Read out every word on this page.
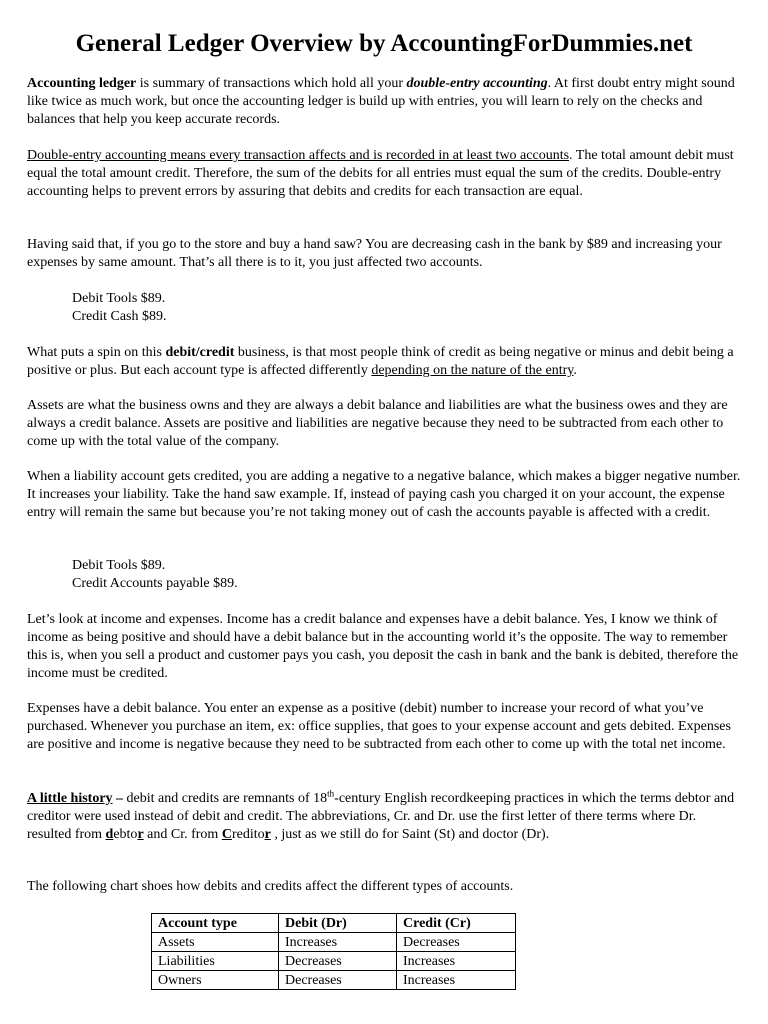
General Ledger Overview by AccountingForDummies.net

Accounting ledger is summary of transactions which hold all your double-entry accounting. At first doubt entry might sound like twice as much work, but once the accounting ledger is build up with entries, you will learn to rely on the checks and balances that help you keep accurate records.

Double-entry accounting means every transaction affects and is recorded in at least two accounts. The total amount debit must equal the total amount credit. Therefore, the sum of the debits for all entries must equal the sum of the credits. Double-entry accounting helps to prevent errors by assuring that debits and credits for each transaction are equal.

Having said that, if you go to the store and buy a hand saw? You are decreasing cash in the bank by $89 and increasing your expenses by same amount. That’s all there is to it, you just affected two accounts.

Debit Tools $89.

Credit Cash $89.

What puts a spin on this debit/credit business, is that most people think of credit as being negative or minus and debit being a positive or plus. But each account type is affected differently depending on the nature of the entry.

Assets are what the business owns and they are always a debit balance and liabilities are what the business owes and they are always a credit balance. Assets are positive and liabilities are negative because they need to be subtracted from each other to come up with the total value of the company.

When a liability account gets credited, you are adding a negative to a negative balance, which makes a bigger negative number. It increases your liability. Take the hand saw example. If, instead of paying cash you charged it on your account, the expense entry will remain the same but because you’re not taking money out of cash the accounts payable is affected with a credit.

Debit Tools $89.

Credit Accounts payable $89.

Let’s look at income and expenses. Income has a credit balance and expenses have a debit balance. Yes, I know we think of income as being positive and should have a debit balance but in the accounting world it’s the opposite. The way to remember this is, when you sell a product and customer pays you cash, you deposit the cash in bank and the bank is debited, therefore the income must be credited.

Expenses have a debit balance. You enter an expense as a positive (debit) number to increase your record of what you’ve purchased. Whenever you purchase an item, ex: office supplies, that goes to your expense account and gets debited. Expenses are positive and income is negative because they need to be subtracted from each other to come up with the total net income.

A little history – debit and credits are remnants of 18th-century English recordkeeping practices in which the terms debtor and creditor were used instead of debit and credit. The abbreviations, Cr. and Dr. use the first letter of there terms where Dr. resulted from debtor and Cr. from Creditor , just as we still do for Saint (St) and doctor (Dr).

The following chart shoes how debits and credits affect the different types of accounts.

Account type	Debit (Dr)	Credit (Cr)
Assets	Increases	Decreases
Liabilities	Decreases	Increases
Owners	Decreases	Increases
